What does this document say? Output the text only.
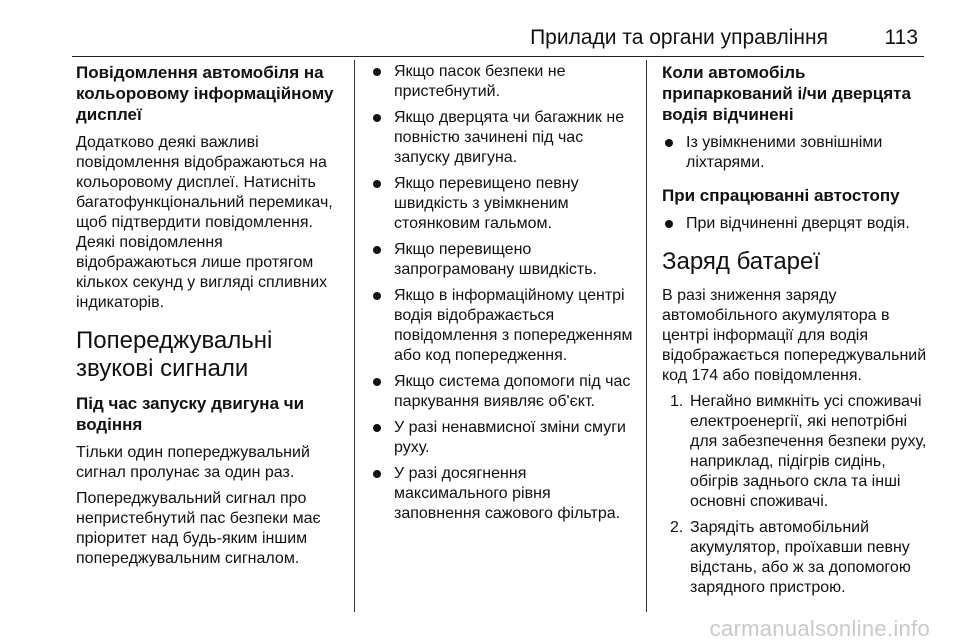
Прилади та органи управління	113
Повідомлення автомобіля на кольоровому інформаційному дисплеї

Додатково деякі важливі повідомлення відображаються на кольоровому дисплеї. Натисніть багатофункціональний перемикач, щоб підтвердити повідомлення. Деякі повідомлення відображаються лише протягом кількох секунд у вигляді спливних індикаторів.

Попереджувальні звукові сигнали
Під час запуску двигуна чи водіння

Тільки один попереджувальний сигнал пролунає за один раз.

Попереджувальний сигнал про непристебнутий пас безпеки має пріоритет над будь-яким іншим попереджувальним сигналом.

Якщо пасок безпеки не пристебнутий.
Якщо дверцята чи багажник не повністю зачинені під час запуску двигуна.
Якщо перевищено певну швидкість з увімкненим стоянковим гальмом.
Якщо перевищено запрограмовану швидкість.
Якщо в інформаційному центрі водія відображається повідомлення з попередженням або код попередження.
Якщо система допомоги під час паркування виявляє об'єкт.
У разі ненавмисної зміни смуги руху.
У разі досягнення максимального рівня заповнення сажового фільтра.
Коли автомобіль припаркований і/чи дверцята водія відчинені
Із увімкненими зовнішніми ліхтарями.
При спрацюванні автостопу
При відчиненні дверцят водія.
Заряд батареї

В разі зниження заряду автомобільного акумулятора в центрі інформації для водія відображається попереджувальний код 174 або повідомлення.

1. Негайно вимкніть усі споживачі електроенергії, які непотрібні для забезпечення безпеки руху, наприклад, підігрів сидінь, обігрів заднього скла та інші основні споживачі.
2. Зарядіть автомобільний акумулятор, проїхавши певну відстань, або ж за допомогою зарядного пристрою.
carmanualsonline.info
